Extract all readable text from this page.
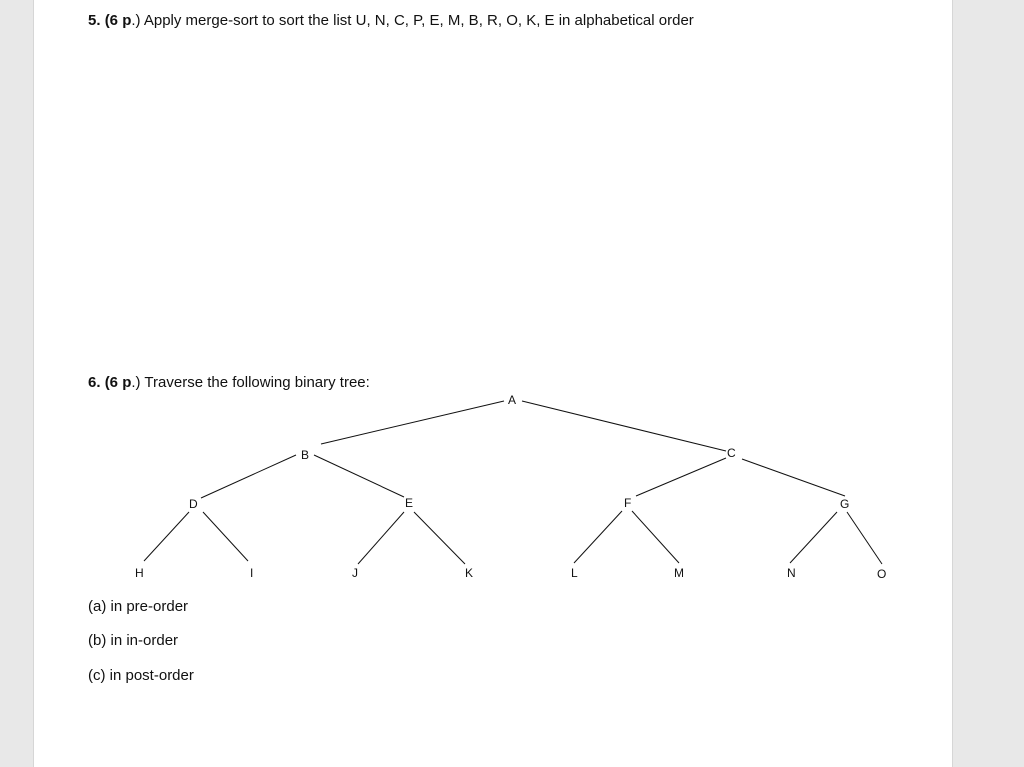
5. (6 p.) Apply merge-sort to sort the list U, N, C, P, E, M, B, R, O, K, E in alphabetical order
6. (6 p.) Traverse the following binary tree:
A
B	C
D	E	F	G
H	I	J	K	L	M	N	O
(a) in pre-order
(b) in in-order
(c) in post-order
